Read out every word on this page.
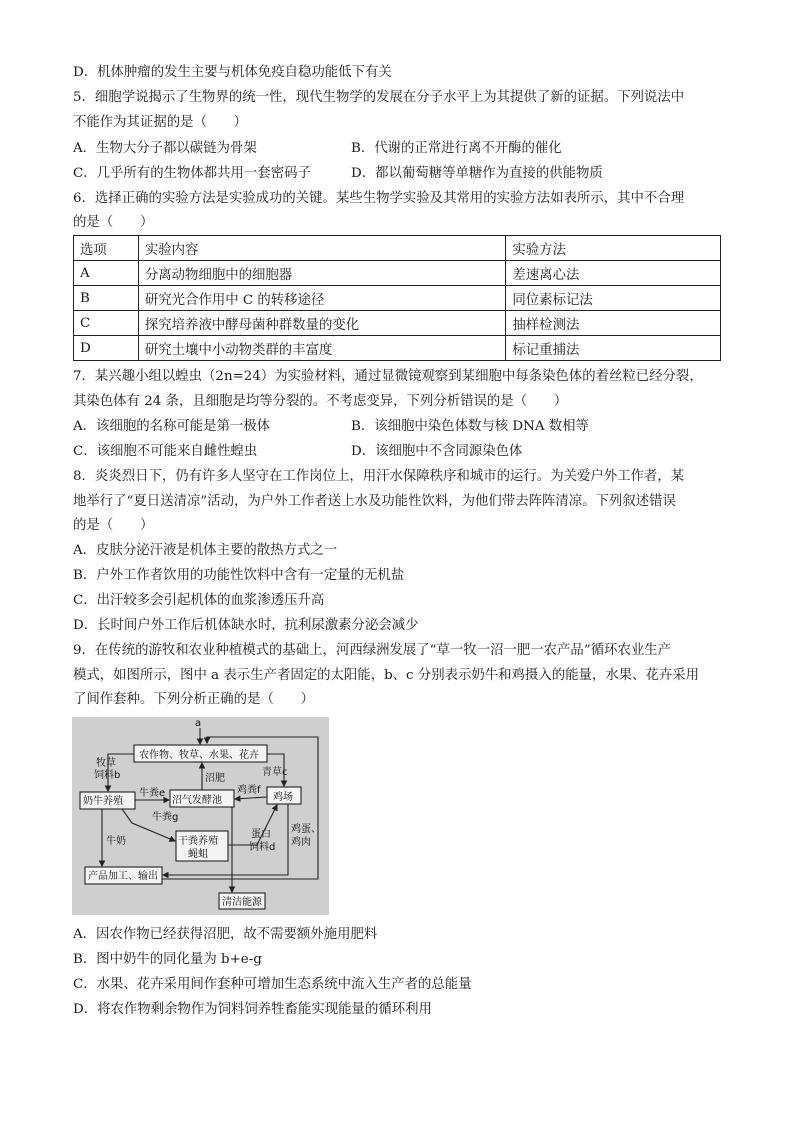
D．机体肿瘤的发生主要与机体免疫自稳功能低下有关
5．细胞学说揭示了生物界的统一性，现代生物学的发展在分子水平上为其提供了新的证据。下列说法中
不能作为其证据的是（　　）
A．生物大分子都以碳链为骨架	B．代谢的正常进行离不开酶的催化
C．几乎所有的生物体都共用一套密码子	D．都以葡萄糖等单糖作为直接的供能物质
6．选择正确的实验方法是实验成功的关键。某些生物学实验及其常用的实验方法如表所示，其中不合理
的是（　　）
选项	实验内容	实验方法
A	分离动物细胞中的细胞器	差速离心法
B	研究光合作用中 C 的转移途径	同位素标记法
C	探究培养液中酵母菌种群数量的变化	抽样检测法
D	研究土壤中小动物类群的丰富度	标记重捕法
7．某兴趣小组以蝗虫（2n=24）为实验材料，通过显微镜观察到某细胞中每条染色体的着丝粒已经分裂，
其染色体有 24 条，且细胞是均等分裂的。不考虑变异，下列分析错误的是（　　）
A．该细胞的名称可能是第一极体	B．该细胞中染色体数与核 DNA 数相等
C．该细胞不可能来自雌性蝗虫	D．该细胞中不含同源染色体
8．炎炎烈日下，仍有许多人坚守在工作岗位上，用汗水保障秩序和城市的运行。为关爱户外工作者，某
地举行了“夏日送清凉”活动，为户外工作者送上水及功能性饮料，为他们带去阵阵清凉。下列叙述错误
的是（　　）
A．皮肤分泌汗液是机体主要的散热方式之一
B．户外工作者饮用的功能性饮料中含有一定量的无机盐
C．出汗较多会引起机体的血浆渗透压升高
D．长时间户外工作后机体缺水时，抗利尿激素分泌会减少
9．在传统的游牧和农业种植模式的基础上，河西绿洲发展了“草一牧一沼一肥一农产品”循环农业生产
模式，如图所示，图中 a 表示生产者固定的太阳能，b、c 分别表示奶牛和鸡摄入的能量，水果、花卉采用
了间作套种。下列分析正确的是（　　）
a
农作物、牧草、水果、花卉
牧草
饲料b	青草c
沼肥
奶牛养殖	沼气发酵池	鸡场
牛粪e
牛粪g
鸡粪f
干粪养殖
蝇蛆
蛋白
饲料d
鸡蛋、
鸡肉
牛奶
产品加工、输出
清洁能源
A．因农作物已经获得沼肥，故不需要额外施用肥料
B．图中奶牛的同化量为 b+e-g
C．水果、花卉采用间作套种可增加生态系统中流入生产者的总能量
D．将农作物剩余物作为饲料饲养牲畜能实现能量的循环利用
